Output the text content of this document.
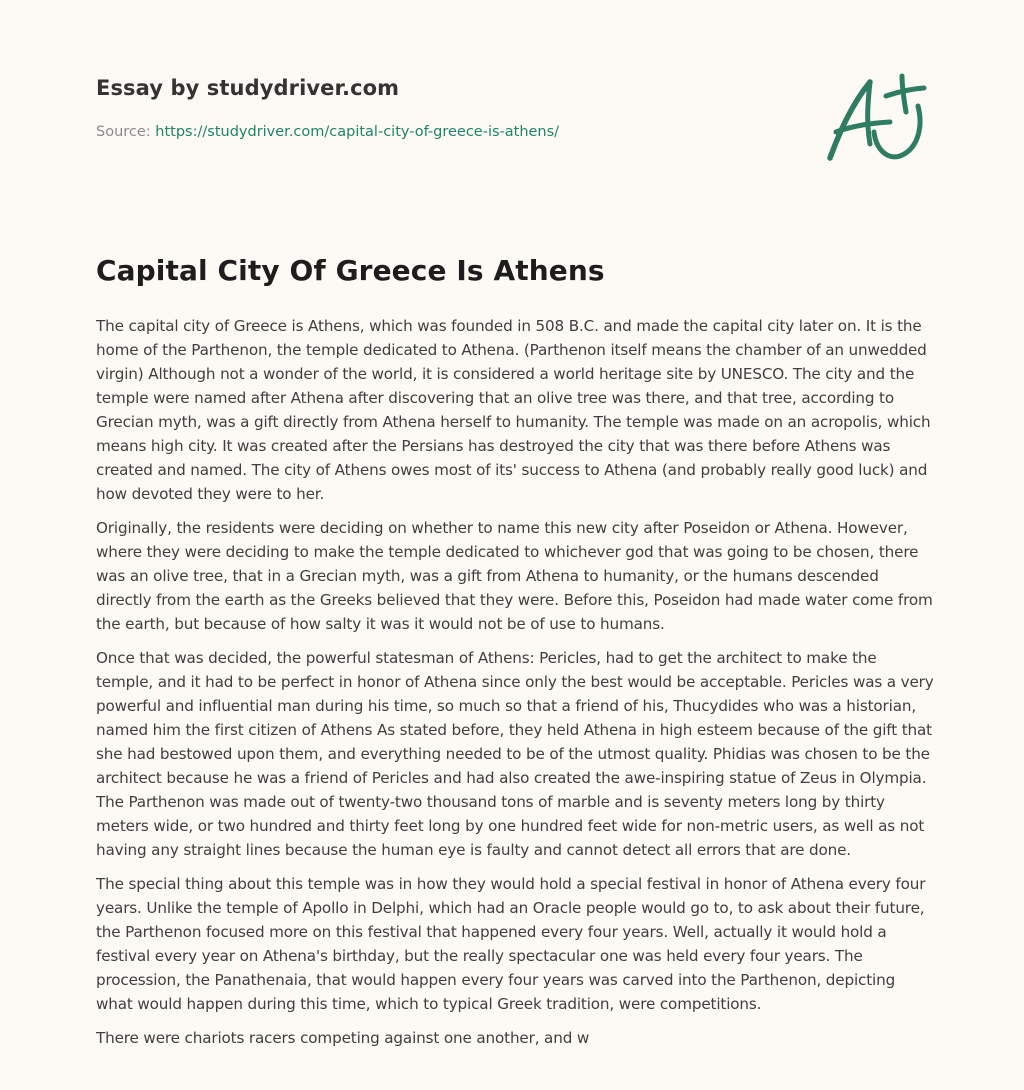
Essay by studydriver.com
Source: https://studydriver.com/capital-city-of-greece-is-athens/
Capital City Of Greece Is Athens

The capital city of Greece is Athens, which was founded in 508 B.C. and made the capital city later on. It is the home of the Parthenon, the temple dedicated to Athena. (Parthenon itself means the chamber of an unwedded virgin) Although not a wonder of the world, it is considered a world heritage site by UNESCO. The city and the temple were named after Athena after discovering that an olive tree was there, and that tree, according to Grecian myth, was a gift directly from Athena herself to humanity. The temple was made on an acropolis, which means high city. It was created after the Persians has destroyed the city that was there before Athens was created and named. The city of Athens owes most of its' success to Athena (and probably really good luck) and how devoted they were to her.

Originally, the residents were deciding on whether to name this new city after Poseidon or Athena. However, where they were deciding to make the temple dedicated to whichever god that was going to be chosen, there was an olive tree, that in a Grecian myth, was a gift from Athena to humanity, or the humans descended directly from the earth as the Greeks believed that they were. Before this, Poseidon had made water come from the earth, but because of how salty it was it would not be of use to humans.

Once that was decided, the powerful statesman of Athens: Pericles, had to get the architect to make the temple, and it had to be perfect in honor of Athena since only the best would be acceptable. Pericles was a very powerful and influential man during his time, so much so that a friend of his, Thucydides who was a historian, named him the first citizen of Athens As stated before, they held Athena in high esteem because of the gift that she had bestowed upon them, and everything needed to be of the utmost quality. Phidias was chosen to be the architect because he was a friend of Pericles and had also created the awe-inspiring statue of Zeus in Olympia. The Parthenon was made out of twenty-two thousand tons of marble and is seventy meters long by thirty meters wide, or two hundred and thirty feet long by one hundred feet wide for non-metric users, as well as not having any straight lines because the human eye is faulty and cannot detect all errors that are done.

The special thing about this temple was in how they would hold a special festival in honor of Athena every four years. Unlike the temple of Apollo in Delphi, which had an Oracle people would go to, to ask about their future, the Parthenon focused more on this festival that happened every four years. Well, actually it would hold a festival every year on Athena's birthday, but the really spectacular one was held every four years. The procession, the Panathenaia, that would happen every four years was carved into the Parthenon, depicting what would happen during this time, which to typical Greek tradition, were competitions.

There were chariots racers competing against one another, and w
